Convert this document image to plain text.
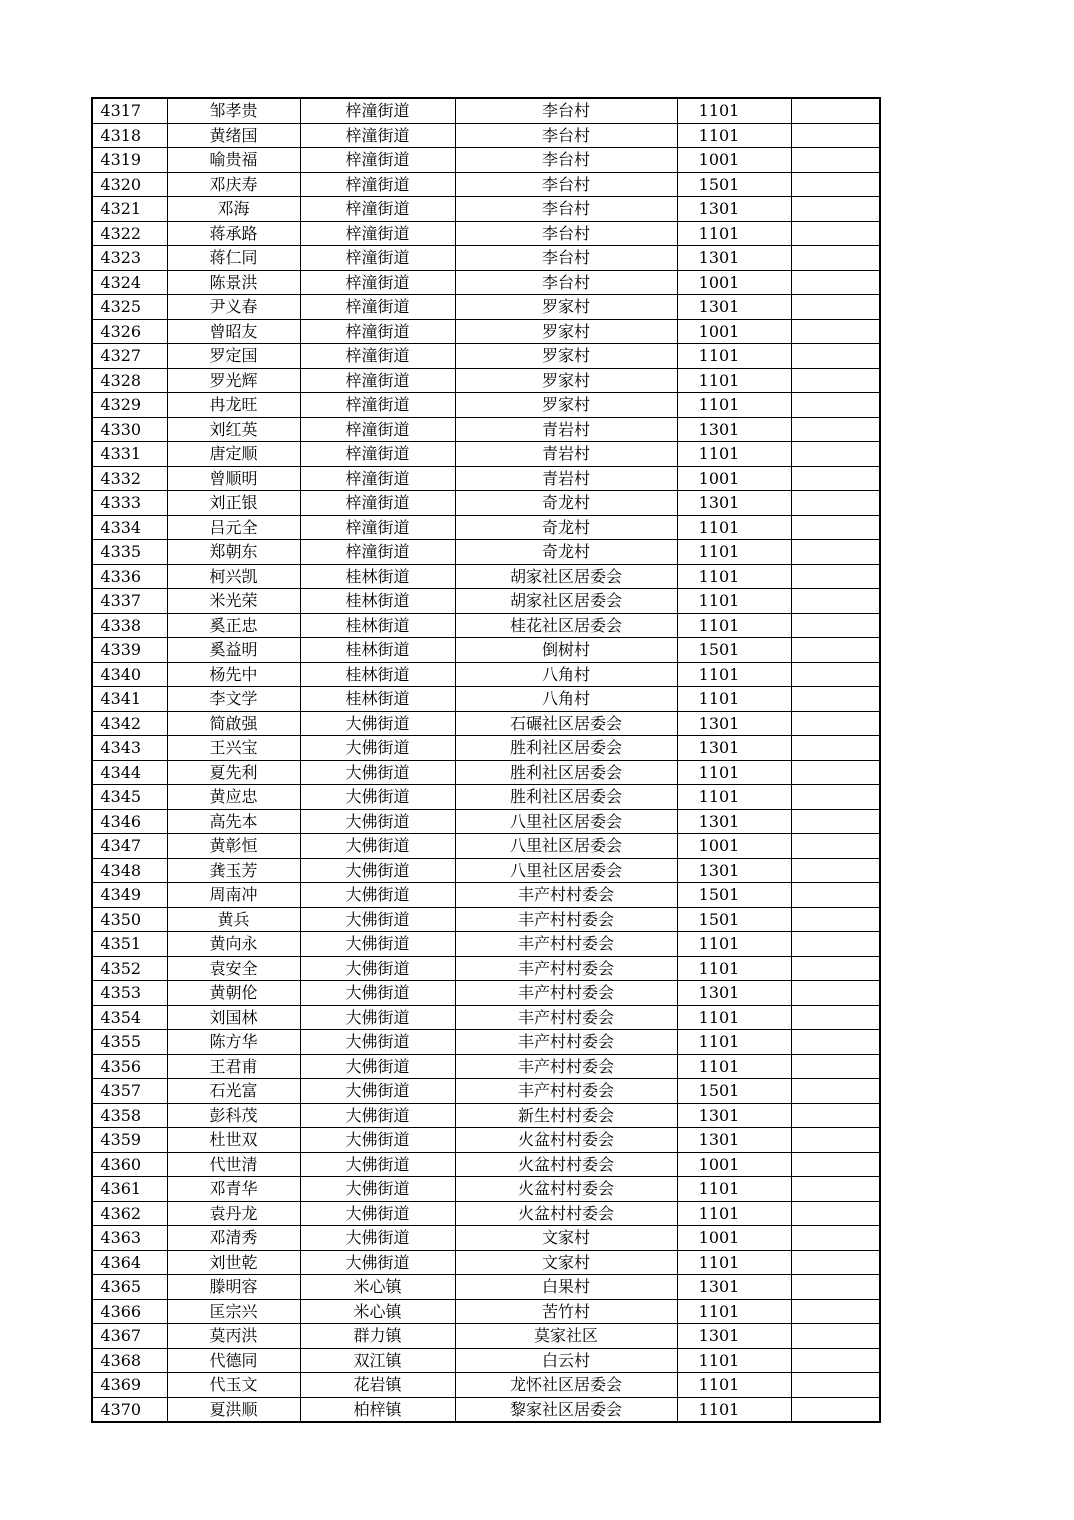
4317	邹孝贵	梓潼街道	李台村	1101	
4318	黄绪国	梓潼街道	李台村	1101	
4319	喻贵福	梓潼街道	李台村	1001	
4320	邓庆寿	梓潼街道	李台村	1501	
4321	邓海	梓潼街道	李台村	1301	
4322	蒋承路	梓潼街道	李台村	1101	
4323	蒋仁同	梓潼街道	李台村	1301	
4324	陈景洪	梓潼街道	李台村	1001	
4325	尹义春	梓潼街道	罗家村	1301	
4326	曾昭友	梓潼街道	罗家村	1001	
4327	罗定国	梓潼街道	罗家村	1101	
4328	罗光辉	梓潼街道	罗家村	1101	
4329	冉龙旺	梓潼街道	罗家村	1101	
4330	刘红英	梓潼街道	青岩村	1301	
4331	唐定顺	梓潼街道	青岩村	1101	
4332	曾顺明	梓潼街道	青岩村	1001	
4333	刘正银	梓潼街道	奇龙村	1301	
4334	吕元全	梓潼街道	奇龙村	1101	
4335	郑朝东	梓潼街道	奇龙村	1101	
4336	柯兴凯	桂林街道	胡家社区居委会	1101	
4337	米光荣	桂林街道	胡家社区居委会	1101	
4338	奚正忠	桂林街道	桂花社区居委会	1101	
4339	奚益明	桂林街道	倒树村	1501	
4340	杨先中	桂林街道	八角村	1101	
4341	李文学	桂林街道	八角村	1101	
4342	简啟强	大佛街道	石碾社区居委会	1301	
4343	王兴宝	大佛街道	胜利社区居委会	1301	
4344	夏先利	大佛街道	胜利社区居委会	1101	
4345	黄应忠	大佛街道	胜利社区居委会	1101	
4346	高先本	大佛街道	八里社区居委会	1301	
4347	黄彰恒	大佛街道	八里社区居委会	1001	
4348	龚玉芳	大佛街道	八里社区居委会	1301	
4349	周南冲	大佛街道	丰产村村委会	1501	
4350	黄兵	大佛街道	丰产村村委会	1501	
4351	黄向永	大佛街道	丰产村村委会	1101	
4352	袁安全	大佛街道	丰产村村委会	1101	
4353	黄朝伦	大佛街道	丰产村村委会	1301	
4354	刘国林	大佛街道	丰产村村委会	1101	
4355	陈方华	大佛街道	丰产村村委会	1101	
4356	王君甫	大佛街道	丰产村村委会	1101	
4357	石光富	大佛街道	丰产村村委会	1501	
4358	彭科茂	大佛街道	新生村村委会	1301	
4359	杜世双	大佛街道	火盆村村委会	1301	
4360	代世清	大佛街道	火盆村村委会	1001	
4361	邓青华	大佛街道	火盆村村委会	1101	
4362	袁丹龙	大佛街道	火盆村村委会	1101	
4363	邓清秀	大佛街道	文家村	1001	
4364	刘世乾	大佛街道	文家村	1101	
4365	滕明容	米心镇	白果村	1301	
4366	匡宗兴	米心镇	苦竹村	1101	
4367	莫丙洪	群力镇	莫家社区	1301	
4368	代德同	双江镇	白云村	1101	
4369	代玉文	花岩镇	龙怀社区居委会	1101	
4370	夏洪顺	柏梓镇	黎家社区居委会	1101	
